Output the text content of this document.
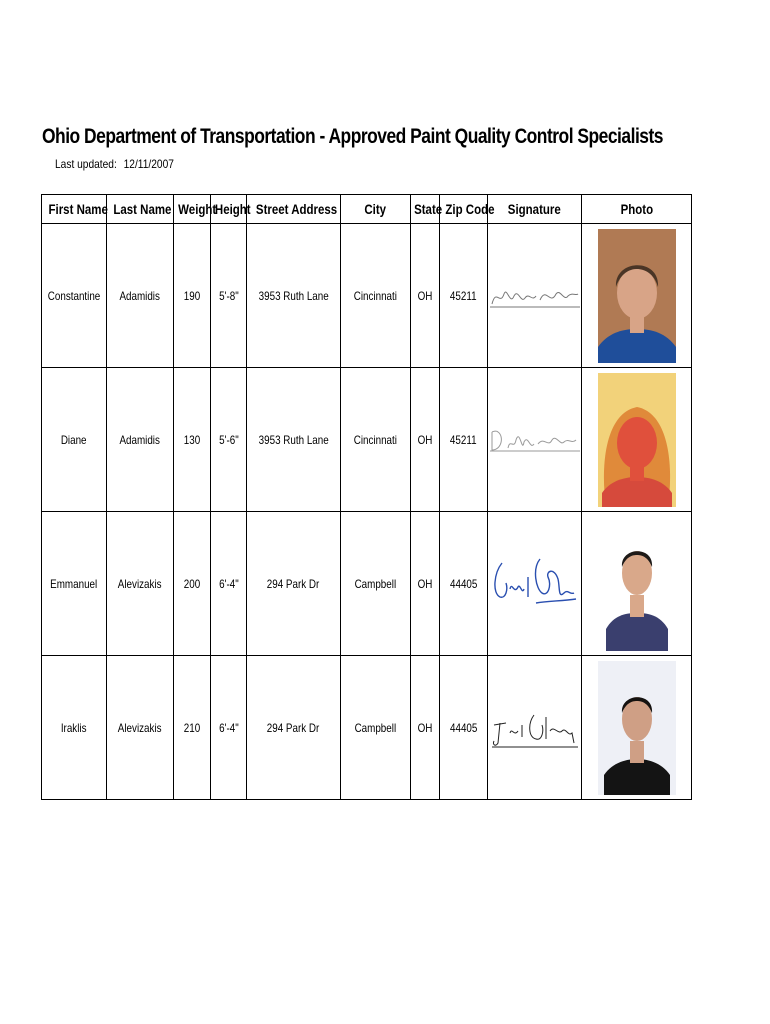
Ohio Department of Transportation - Approved Paint Quality Control Specialists
Last updated: 12/11/2007
First Name	Last Name	Weight	Height	Street Address	City	State	Zip Code	Signature	Photo
Constantine	Adamidis	190	5'-8"	3953 Ruth Lane	Cincinnati	OH	45211	

Diane	Adamidis	130	5'-6"	3953 Ruth Lane	Cincinnati	OH	45211	

Emmanuel	Alevizakis	200	6'-4"	294 Park Dr	Campbell	OH	44405	

Iraklis	Alevizakis	210	6'-4"	294 Park Dr	Campbell	OH	44405	
